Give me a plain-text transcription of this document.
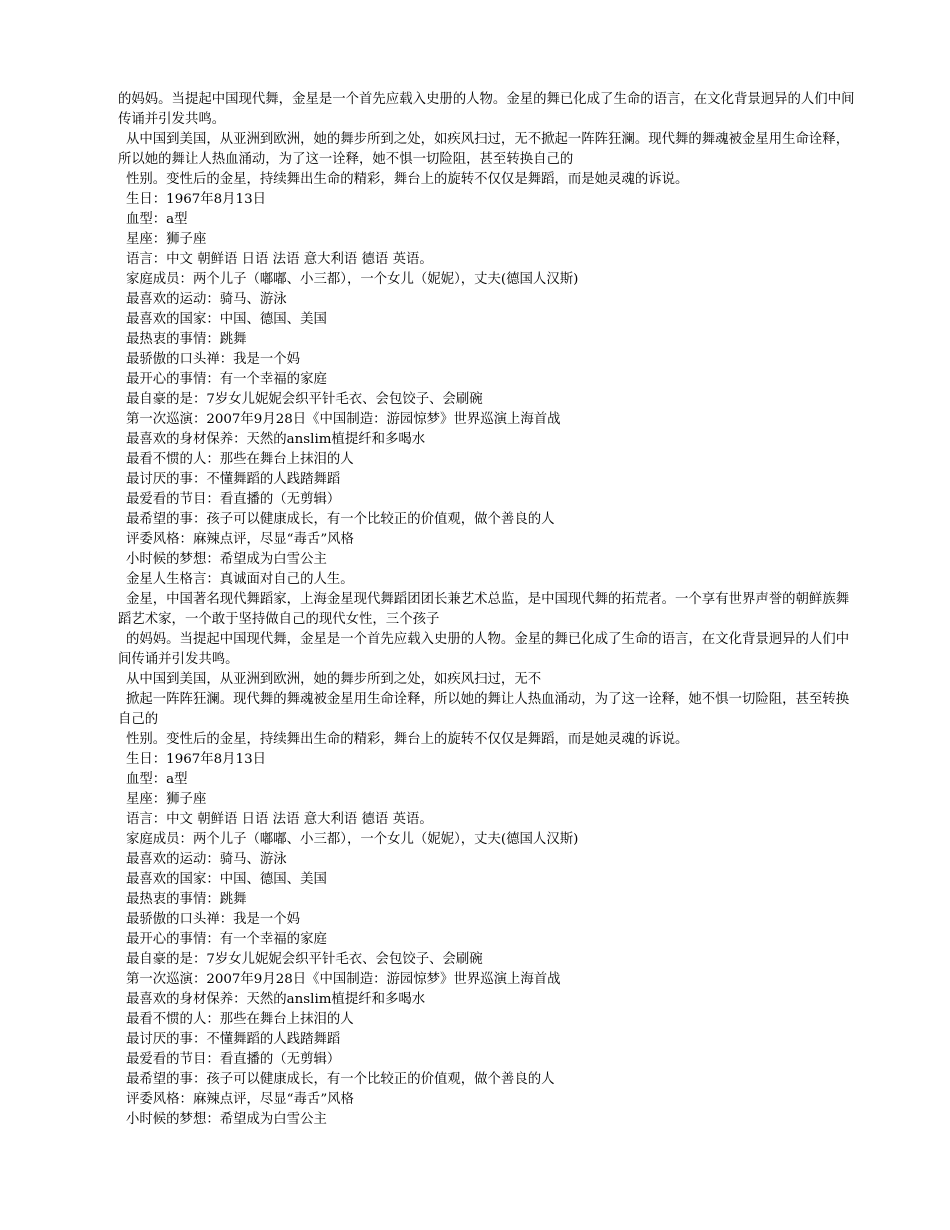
的妈妈。当提起中国现代舞，金星是一个首先应载入史册的人物。金星的舞已化成了生命的语言，在文化背景迥异的人们中间传诵并引发共鸣。

从中国到美国，从亚洲到欧洲，她的舞步所到之处，如疾风扫过，无不掀起一阵阵狂澜。现代舞的舞魂被金星用生命诠释，所以她的舞让人热血涌动，为了这一诠释，她不惧一切险阻，甚至转换自己的

性别。变性后的金星，持续舞出生命的精彩，舞台上的旋转不仅仅是舞蹈，而是她灵魂的诉说。

生日：1967年8月13日

血型：a型

星座：狮子座

语言：中文 朝鲜语 日语 法语 意大利语 德语 英语。

家庭成员：两个儿子（嘟嘟、小三都），一个女儿（妮妮），丈夫(德国人汉斯)

最喜欢的运动：骑马、游泳

最喜欢的国家：中国、德国、美国

最热衷的事情：跳舞

最骄傲的口头禅：我是一个妈

最开心的事情：有一个幸福的家庭

最自豪的是：7岁女儿妮妮会织平针毛衣、会包饺子、会刷碗

第一次巡演：2007年9月28日《中国制造：游园惊梦》世界巡演上海首战

最喜欢的身材保养：天然的anslim植提纤和多喝水

最看不惯的人：那些在舞台上抹泪的人

最讨厌的事：不懂舞蹈的人践踏舞蹈

最爱看的节目：看直播的（无剪辑）

最希望的事：孩子可以健康成长，有一个比较正的价值观，做个善良的人

评委风格：麻辣点评，尽显“毒舌”风格

小时候的梦想：希望成为白雪公主

金星人生格言：真诚面对自己的人生。

金星，中国著名现代舞蹈家，上海金星现代舞蹈团团长兼艺术总监，是中国现代舞的拓荒者。一个享有世界声誉的朝鲜族舞蹈艺术家，一个敢于坚持做自己的现代女性，三个孩子

的妈妈。当提起中国现代舞，金星是一个首先应载入史册的人物。金星的舞已化成了生命的语言，在文化背景迥异的人们中间传诵并引发共鸣。

从中国到美国，从亚洲到欧洲，她的舞步所到之处，如疾风扫过，无不

掀起一阵阵狂澜。现代舞的舞魂被金星用生命诠释，所以她的舞让人热血涌动，为了这一诠释，她不惧一切险阻，甚至转换自己的

性别。变性后的金星，持续舞出生命的精彩，舞台上的旋转不仅仅是舞蹈，而是她灵魂的诉说。

生日：1967年8月13日

血型：a型

星座：狮子座

语言：中文 朝鲜语 日语 法语 意大利语 德语 英语。

家庭成员：两个儿子（嘟嘟、小三都），一个女儿（妮妮），丈夫(德国人汉斯)

最喜欢的运动：骑马、游泳

最喜欢的国家：中国、德国、美国

最热衷的事情：跳舞

最骄傲的口头禅：我是一个妈

最开心的事情：有一个幸福的家庭

最自豪的是：7岁女儿妮妮会织平针毛衣、会包饺子、会刷碗

第一次巡演：2007年9月28日《中国制造：游园惊梦》世界巡演上海首战

最喜欢的身材保养：天然的anslim植提纤和多喝水

最看不惯的人：那些在舞台上抹泪的人

最讨厌的事：不懂舞蹈的人践踏舞蹈

最爱看的节目：看直播的（无剪辑）

最希望的事：孩子可以健康成长，有一个比较正的价值观，做个善良的人

评委风格：麻辣点评，尽显“毒舌”风格

小时候的梦想：希望成为白雪公主
